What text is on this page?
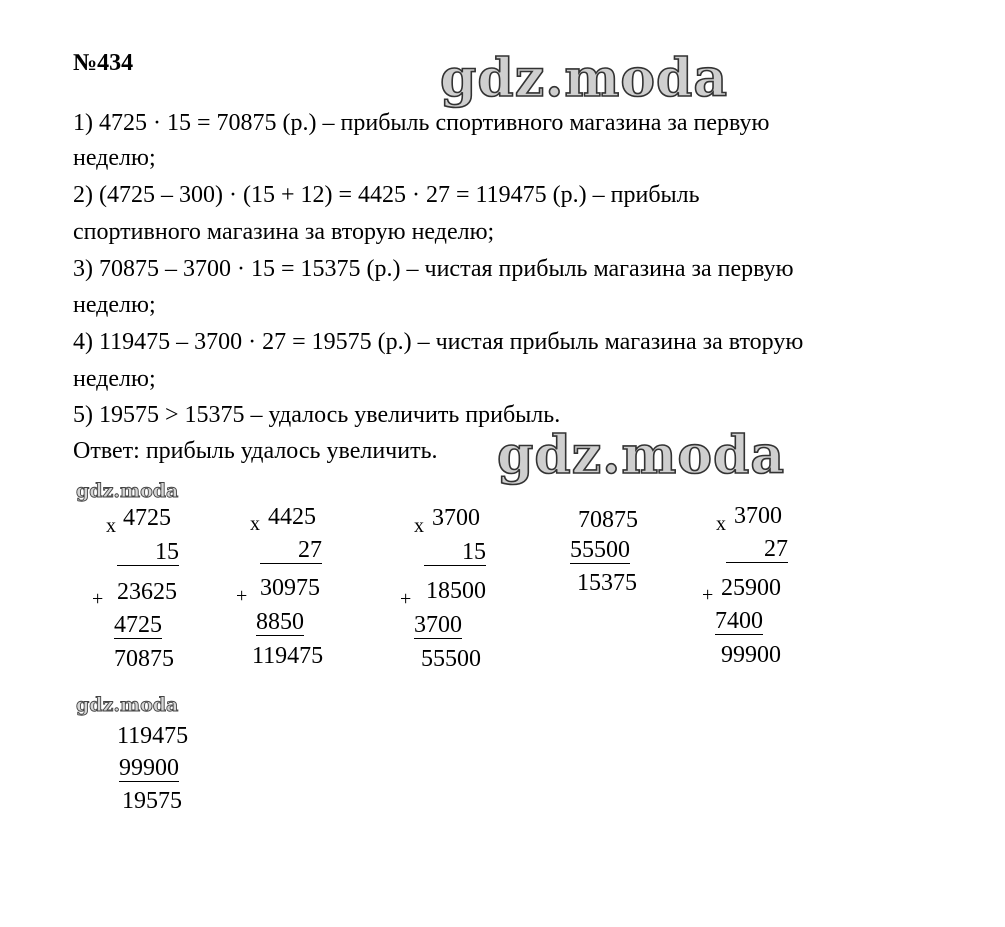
№434
1) 4725 · 15 = 70875 (р.) – прибыль спортивного магазина за первую
неделю;
2) (4725 – 300) · (15 + 12) = 4425 · 27 = 119475 (р.) – прибыль
спортивного магазина за вторую неделю;
3) 70875 – 3700 · 15 = 15375 (р.) – чистая прибыль магазина за первую
неделю;
4) 119475 – 3700 · 27 = 19575 (р.) – чистая прибыль магазина за вторую
неделю;
5) 19575 > 15375 – удалось увеличить прибыль.
Ответ: прибыль удалось увеличить.
gdz.moda
gdz.moda
gdz.moda
gdz.moda
x 4725
15
+ 23625
4725
70875
x 4425
27
+ 30975
8850
119475
x 3700
15
+ 18500
3700
55500
70875
55500
15375
x 3700
27
+ 25900
7400
99900
119475
99900
19575
